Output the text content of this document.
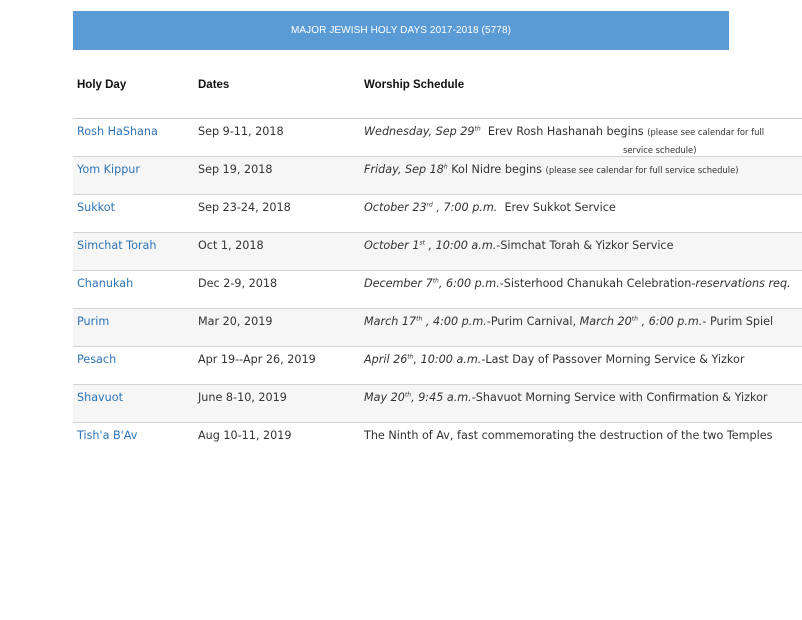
MAJOR JEWISH HOLY DAYS 2017-2018 (5778)
Holy Day	Dates	Worship Schedule
Rosh HaShana	Sep 9-11, 2018	Wednesday, Sep 29th  Erev Rosh Hashanah begins (please see calendar for full
service schedule)
Yom Kippur	Sep 19, 2018	Friday, Sep 18$^h$ Kol Nidre begins (please see calendar for full service schedule)
Sukkot	Sep 23-24, 2018	October 23rd , 7:00 p.m.  Erev Sukkot Service
Simchat Torah	Oct 1, 2018	October 1st , 10:00 a.m.-Simchat Torah & Yizkor Service
Chanukah	Dec 2-9, 2018	December 7th, 6:00 p.m.-Sisterhood Chanukah Celebration-reservations req.
Purim	Mar 20, 2019	March 17th , 4:00 p.m.-Purim Carnival, March 20th , 6:00 p.m.- Purim Spiel
Pesach	Apr 19--Apr 26, 2019	April 26th, 10:00 a.m.-Last Day of Passover Morning Service & Yizkor
Shavuot	June 8-10, 2019	May 20th, 9:45 a.m.-Shavuot Morning Service with Confirmation & Yizkor
Tish'a B'Av	Aug 10-11, 2019	The Ninth of Av, fast commemorating the destruction of the two Temples
